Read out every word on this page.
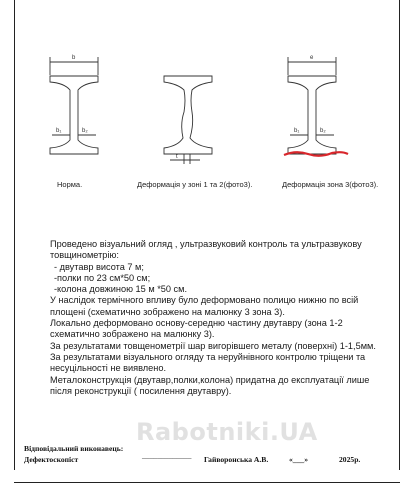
b
b₁	b₂
t
e
b₁	b₂
Норма.	Деформація у зоні 1 та 2(фото3).	Деформація зона 3(фото3).
Проведено візуальний огляд , ультразвуковий контроль та ультразвукову
товщинометрію:
- двутавр висота 7 м;
-полки по 23 см*50 см;
-колона довжиною 15 м *50 см.
У наслідок термічного впливу було деформовано полицю нижню по всій
площені (схематично зображено на малюнку 3 зона 3).
Локально деформовано основу-середню частину двутавру (зона 1-2
схематично зображено на малюнку 3).
За результатами товщенометрії шар вигорівшего металу (поверхні) 1-1,5мм.
За результатами візуального огляду та неруйнівного контролю тріщени та
несуцільності не виявлено.
Металоконструкція (двутавр,полки,колона) придатна до експлуатації лише
після реконструкції ( посилення двутавру).
Rabotniki.UA
Відповідальний виконавець:
Дефектоскопіст	_____________ Гайворонська А.В.	«___»	2025р.
